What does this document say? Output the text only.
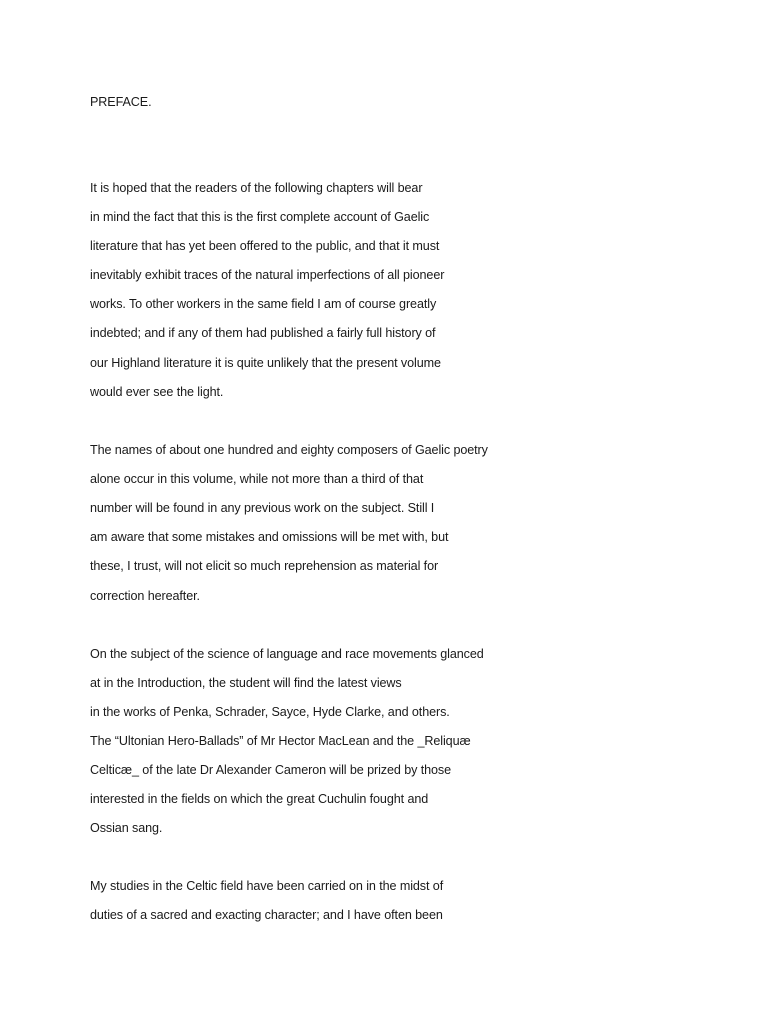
PREFACE.
It is hoped that the readers of the following chapters will bear
in mind the fact that this is the first complete account of Gaelic
literature that has yet been offered to the public, and that it must
inevitably exhibit traces of the natural imperfections of all pioneer
works. To other workers in the same field I am of course greatly
indebted; and if any of them had published a fairly full history of
our Highland literature it is quite unlikely that the present volume
would ever see the light.
The names of about one hundred and eighty composers of Gaelic poetry
alone occur in this volume, while not more than a third of that
number will be found in any previous work on the subject. Still I
am aware that some mistakes and omissions will be met with, but
these, I trust, will not elicit so much reprehension as material for
correction hereafter.
On the subject of the science of language and race movements glanced
at in the Introduction, the student will find the latest views
in the works of Penka, Schrader, Sayce, Hyde Clarke, and others.
The “Ultonian Hero-Ballads” of Mr Hector MacLean and the _Reliquæ
Celticæ_ of the late Dr Alexander Cameron will be prized by those
interested in the fields on which the great Cuchulin fought and
Ossian sang.
My studies in the Celtic field have been carried on in the midst of
duties of a sacred and exacting character; and I have often been
